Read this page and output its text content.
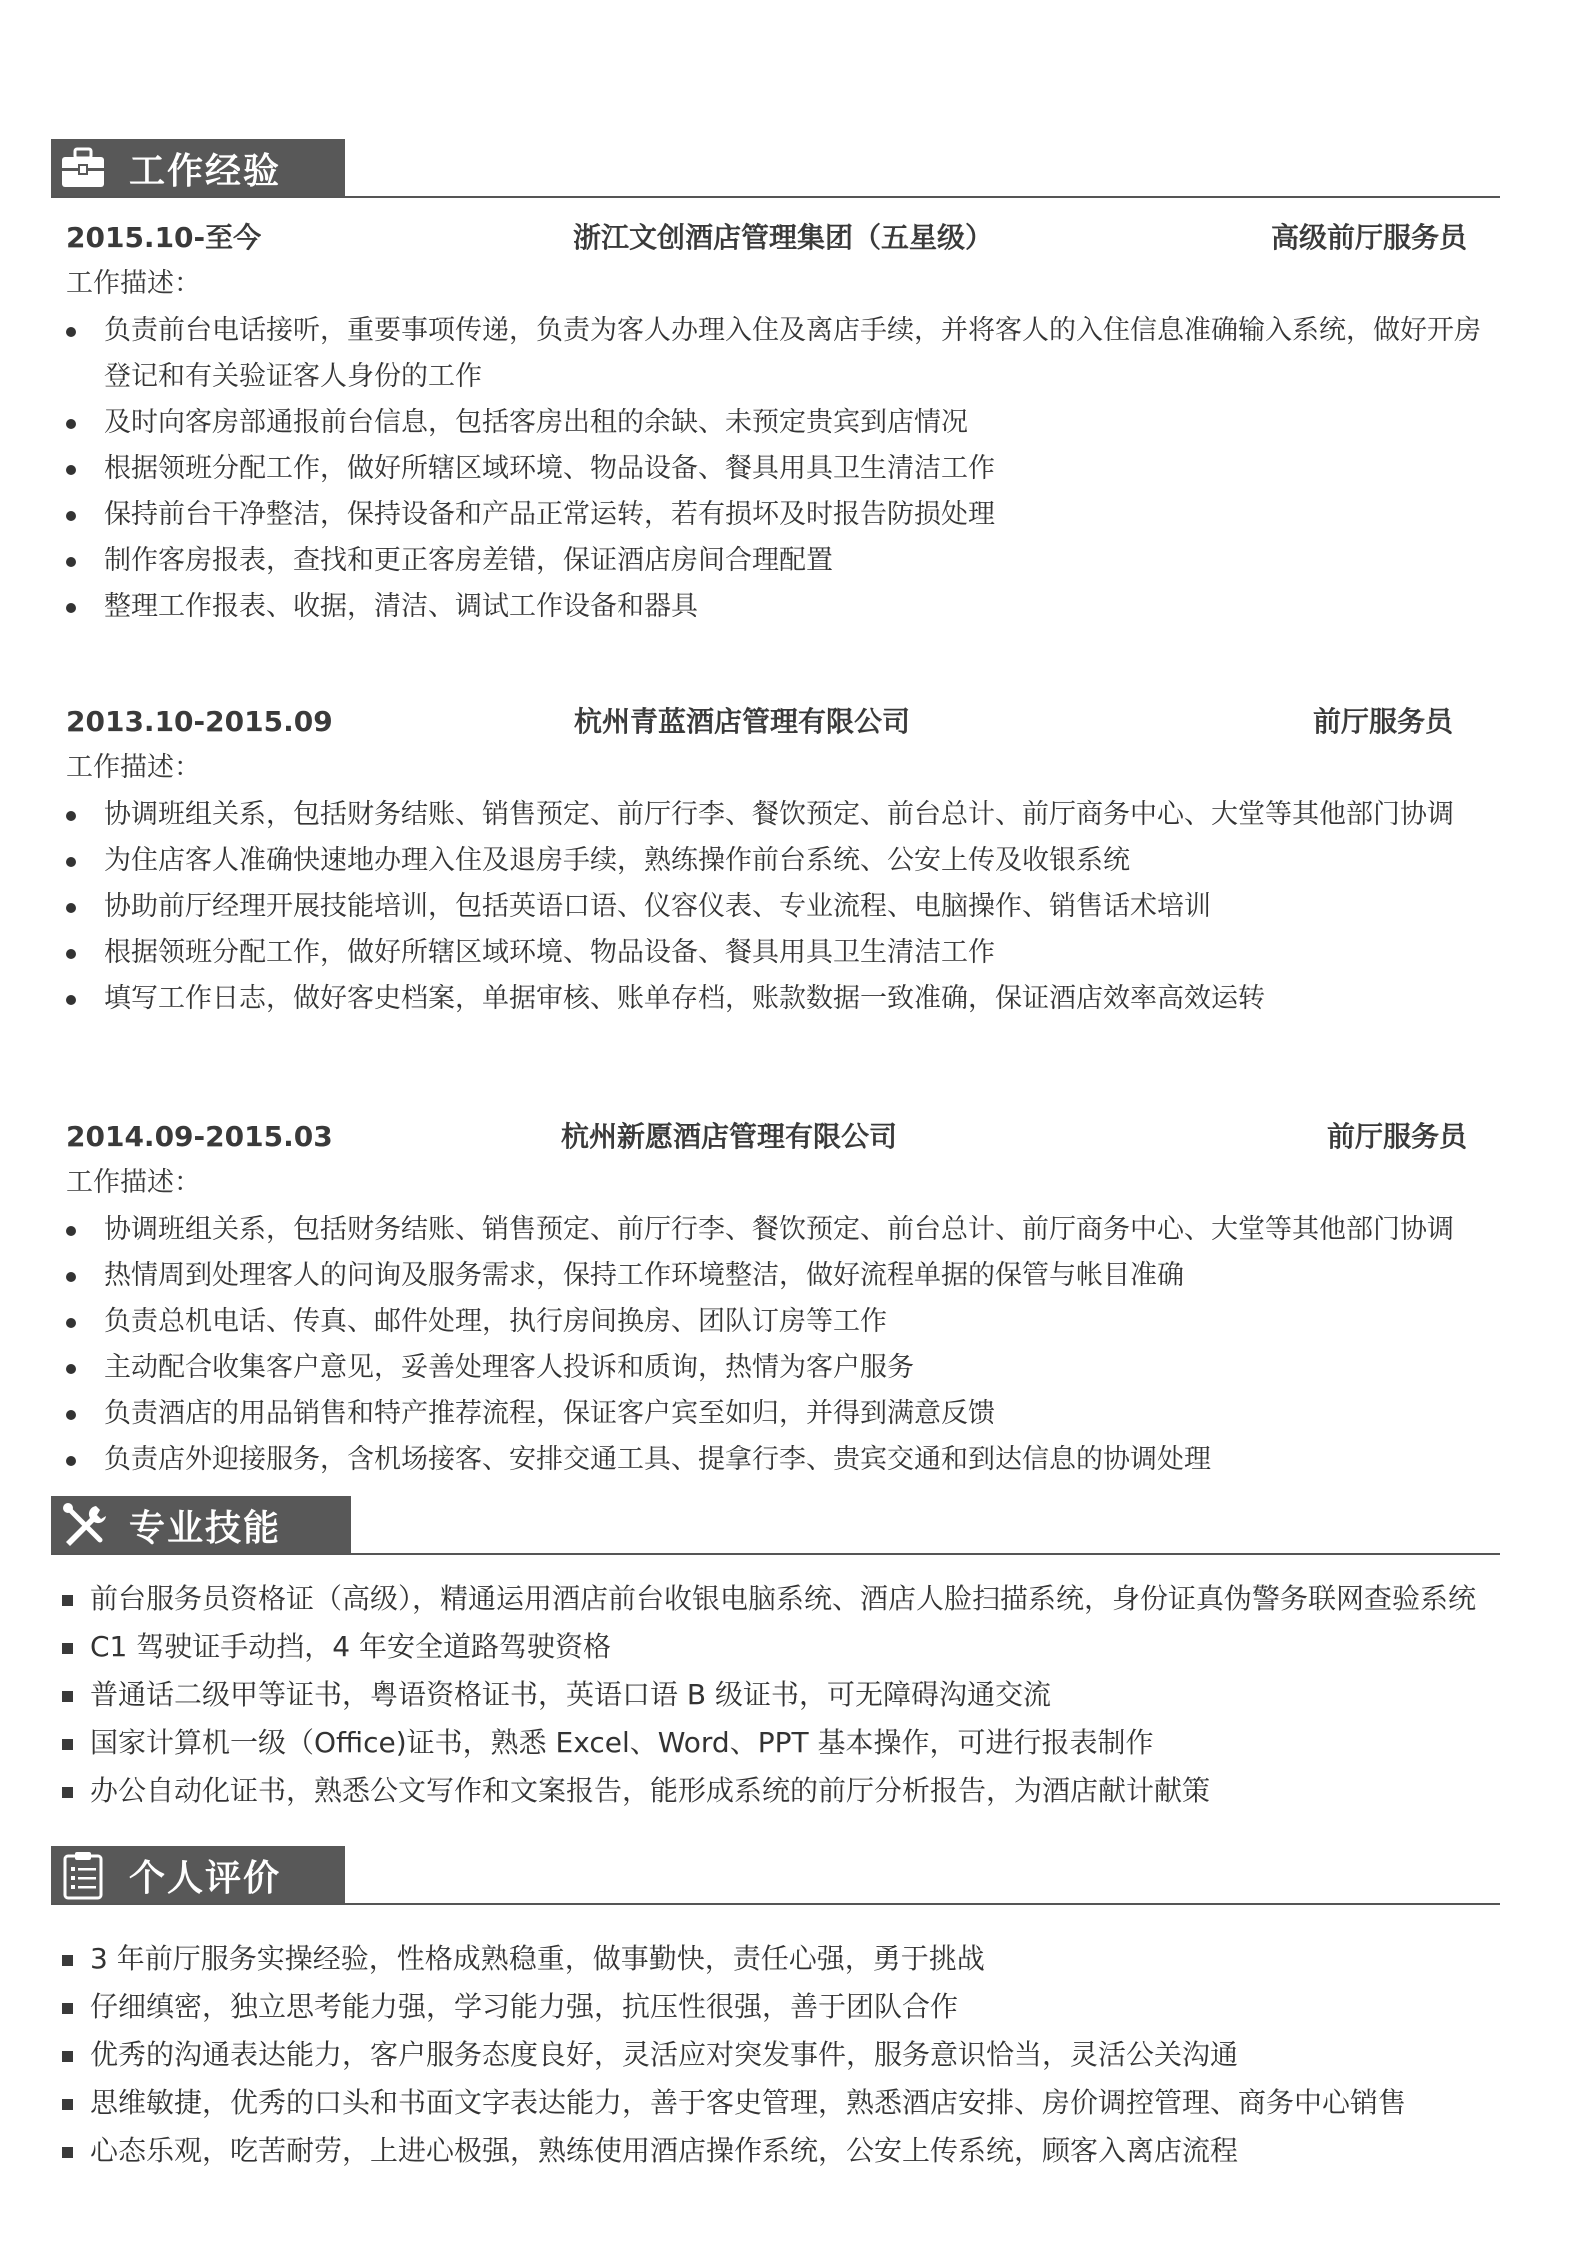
工作经验
2015.10-至今	浙江文创酒店管理集团（五星级）	高级前厅服务员
工作描述：
负责前台电话接听，重要事项传递，负责为客人办理入住及离店手续，并将客人的入住信息准确输入系统，做好开房登记和有关验证客人身份的工作
及时向客房部通报前台信息，包括客房出租的余缺、未预定贵宾到店情况
根据领班分配工作，做好所辖区域环境、物品设备、餐具用具卫生清洁工作
保持前台干净整洁，保持设备和产品正常运转，若有损坏及时报告防损处理
制作客房报表，查找和更正客房差错，保证酒店房间合理配置
整理工作报表、收据，清洁、调试工作设备和器具
2013.10-2015.09	杭州青蓝酒店管理有限公司	前厅服务员
工作描述：
协调班组关系，包括财务结账、销售预定、前厅行李、餐饮预定、前台总计、前厅商务中心、大堂等其他部门协调
为住店客人准确快速地办理入住及退房手续，熟练操作前台系统、公安上传及收银系统
协助前厅经理开展技能培训，包括英语口语、仪容仪表、专业流程、电脑操作、销售话术培训
根据领班分配工作，做好所辖区域环境、物品设备、餐具用具卫生清洁工作
填写工作日志，做好客史档案，单据审核、账单存档，账款数据一致准确，保证酒店效率高效运转
2014.09-2015.03	杭州新愿酒店管理有限公司	前厅服务员
工作描述：
协调班组关系，包括财务结账、销售预定、前厅行李、餐饮预定、前台总计、前厅商务中心、大堂等其他部门协调
热情周到处理客人的问询及服务需求，保持工作环境整洁，做好流程单据的保管与帐目准确
负责总机电话、传真、邮件处理，执行房间换房、团队订房等工作
主动配合收集客户意见，妥善处理客人投诉和质询，热情为客户服务
负责酒店的用品销售和特产推荐流程，保证客户宾至如归，并得到满意反馈
负责店外迎接服务，含机场接客、安排交通工具、提拿行李、贵宾交通和到达信息的协调处理
专业技能
前台服务员资格证（高级），精通运用酒店前台收银电脑系统、酒店人脸扫描系统，身份证真伪警务联网查验系统
C1 驾驶证手动挡，4 年安全道路驾驶资格
普通话二级甲等证书，粤语资格证书，英语口语 B 级证书，可无障碍沟通交流
国家计算机一级（Office)证书，熟悉 Excel、Word、PPT 基本操作，可进行报表制作
办公自动化证书，熟悉公文写作和文案报告，能形成系统的前厅分析报告，为酒店献计献策
个人评价
3 年前厅服务实操经验，性格成熟稳重，做事勤快，责任心强，勇于挑战
仔细缜密，独立思考能力强，学习能力强，抗压性很强，善于团队合作
优秀的沟通表达能力，客户服务态度良好，灵活应对突发事件，服务意识恰当，灵活公关沟通
思维敏捷，优秀的口头和书面文字表达能力，善于客史管理，熟悉酒店安排、房价调控管理、商务中心销售
心态乐观，吃苦耐劳，上进心极强，熟练使用酒店操作系统，公安上传系统，顾客入离店流程
